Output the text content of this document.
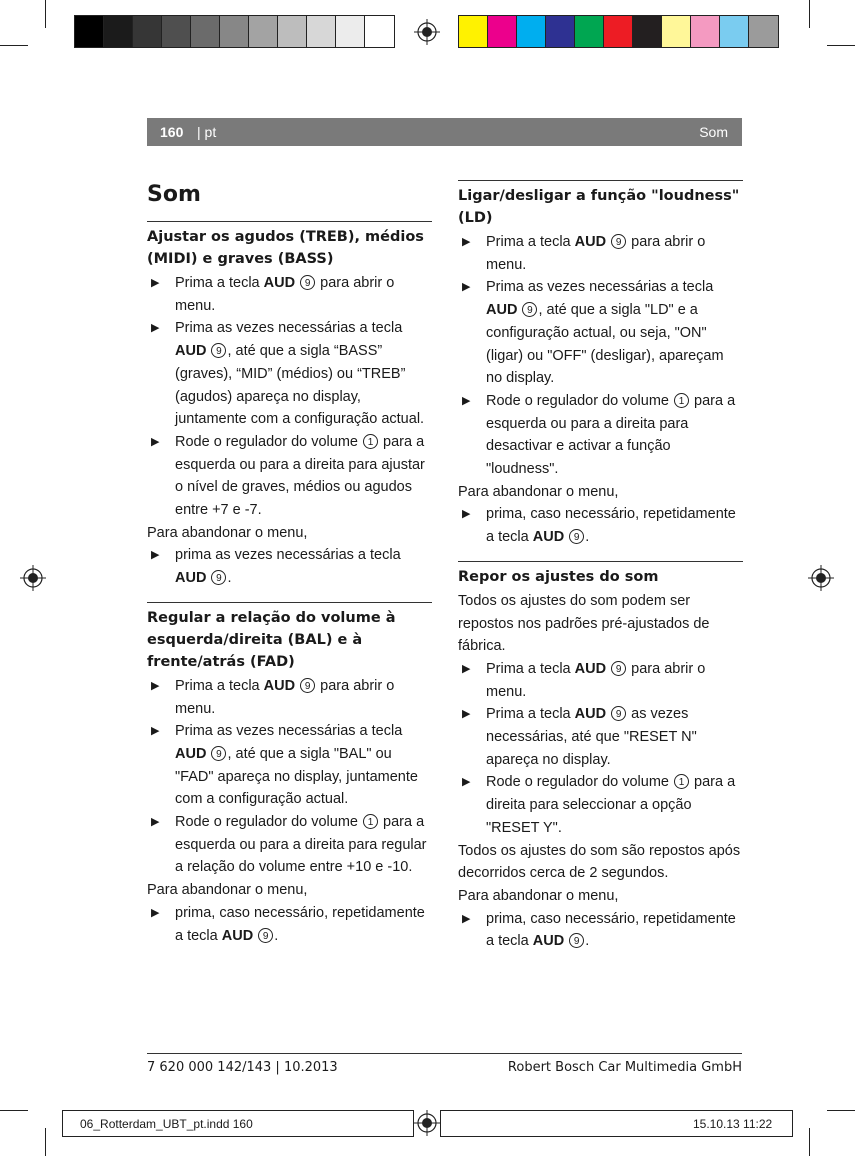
160 | pt	Som
Som
Ajustar os agudos (TREB), médios (MIDI) e graves (BASS)
▶ Prima a tecla AUD 9 para abrir o menu.
▶ Prima as vezes necessárias a tecla AUD 9 , até que a sigla “BASS” (graves), “MID” (médios) ou “TREB” (agudos) apareça no display, juntamente com a configuração actual.
▶ Rode o regulador do volume 1 para a esquerda ou para a direita para ajustar o nível de graves, médios ou agudos entre +7 e -7.
Para abandonar o menu,
▶ prima as vezes necessárias a tecla AUD 9 .
Regular a relação do volume à esquerda/direita (BAL) e à frente/atrás (FAD)
▶ Prima a tecla AUD 9 para abrir o menu.
▶ Prima as vezes necessárias a tecla AUD 9 , até que a sigla "BAL" ou "FAD" apareça no display, juntamente com a configuração actual.
▶ Rode o regulador do volume 1 para a esquerda ou para a direita para regular a relação do volume entre +10 e -10.
Para abandonar o menu,
▶ prima, caso necessário, repetidamente a tecla AUD 9 .
Ligar/desligar a função "loudness" (LD)
▶ Prima a tecla AUD 9 para abrir o menu.
▶ Prima as vezes necessárias a tecla AUD 9 , até que a sigla "LD" e a configuração actual, ou seja, "ON" (ligar) ou "OFF" (desligar), apareçam no display.
▶ Rode o regulador do volume 1 para a esquerda ou para a direita para desactivar e activar a função "loudness".
Para abandonar o menu,
▶ prima, caso necessário, repetidamente a tecla AUD 9 .
Repor os ajustes do som
Todos os ajustes do som podem ser repostos nos padrões pré-ajustados de fábrica.
▶ Prima a tecla AUD 9 para abrir o menu.
▶ Prima a tecla AUD 9 as vezes necessárias, até que "RESET N" apareça no display.
▶ Rode o regulador do volume 1 para a direita para seleccionar a opção "RESET Y".
Todos os ajustes do som são repostos após decorridos cerca de 2 segundos.
Para abandonar o menu,
▶ prima, caso necessário, repetidamente a tecla AUD 9 .
7 620 000 142/143 | 10.2013	Robert Bosch Car Multimedia GmbH
06_Rotterdam_UBT_pt.indd 160	15.10.13 11:22
